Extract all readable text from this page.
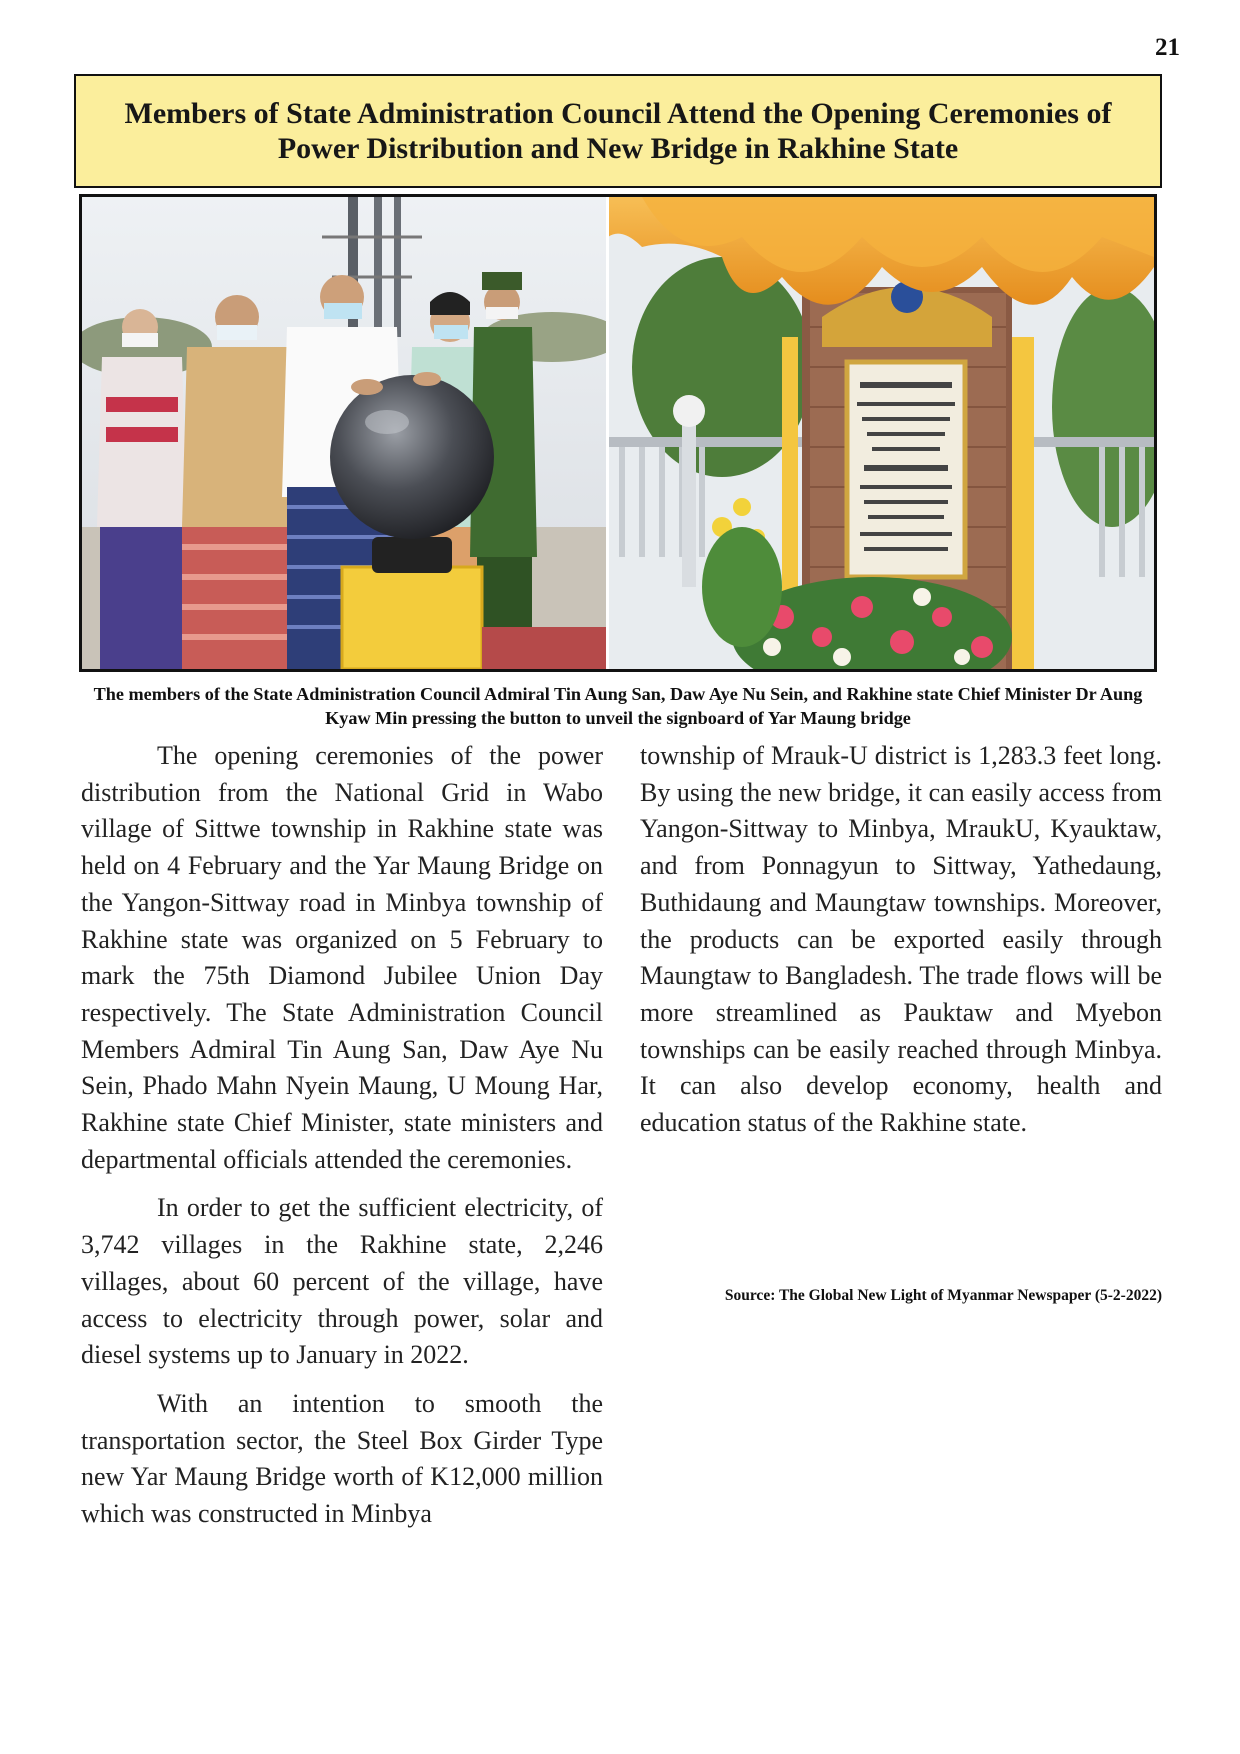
21
Members of State Administration Council Attend the Opening Ceremonies of Power Distribution and New Bridge in Rakhine State
The members of the State Administration Council Admiral Tin Aung San, Daw Aye Nu Sein, and Rakhine state Chief Minister Dr Aung Kyaw Min pressing the button to unveil the signboard of Yar Maung bridge

The opening ceremonies of the power distribution from the National Grid in Wabo village of Sittwe township in Rakhine state was held on 4 February and the Yar Maung Bridge on the Yangon-Sittway road in Minbya township of Rakhine state was organized on 5 February to mark the 75th Diamond Jubilee Union Day respectively. The State Administration Council Members Admiral Tin Aung San, Daw Aye Nu Sein, Phado Mahn Nyein Maung, U Moung Har, Rakhine state Chief Minister, state ministers and departmental officials attended the ceremonies.

In order to get the sufficient electricity, of 3,742 villages in the Rakhine state, 2,246 villages, about 60 percent of the village, have access to electricity through power, solar and diesel systems up to January in 2022.

With an intention to smooth the transportation sector, the Steel Box Girder Type new Yar Maung Bridge worth of K12,000 million which was constructed in Minbya

township of Mrauk-U district is 1,283.3 feet long. By using the new bridge, it can easily access from Yangon-Sittway to Minbya, MraukU, Kyauktaw, and from Ponnagyun to Sittway, Yathedaung, Buthidaung and Maungtaw townships. Moreover, the products can be exported easily through Maungtaw to Bangladesh. The trade flows will be more streamlined as Pauktaw and Myebon townships can be easily reached through Minbya. It can also develop economy, health and education status of the Rakhine state.

Source: The Global New Light of Myanmar Newspaper (5-2-2022)
